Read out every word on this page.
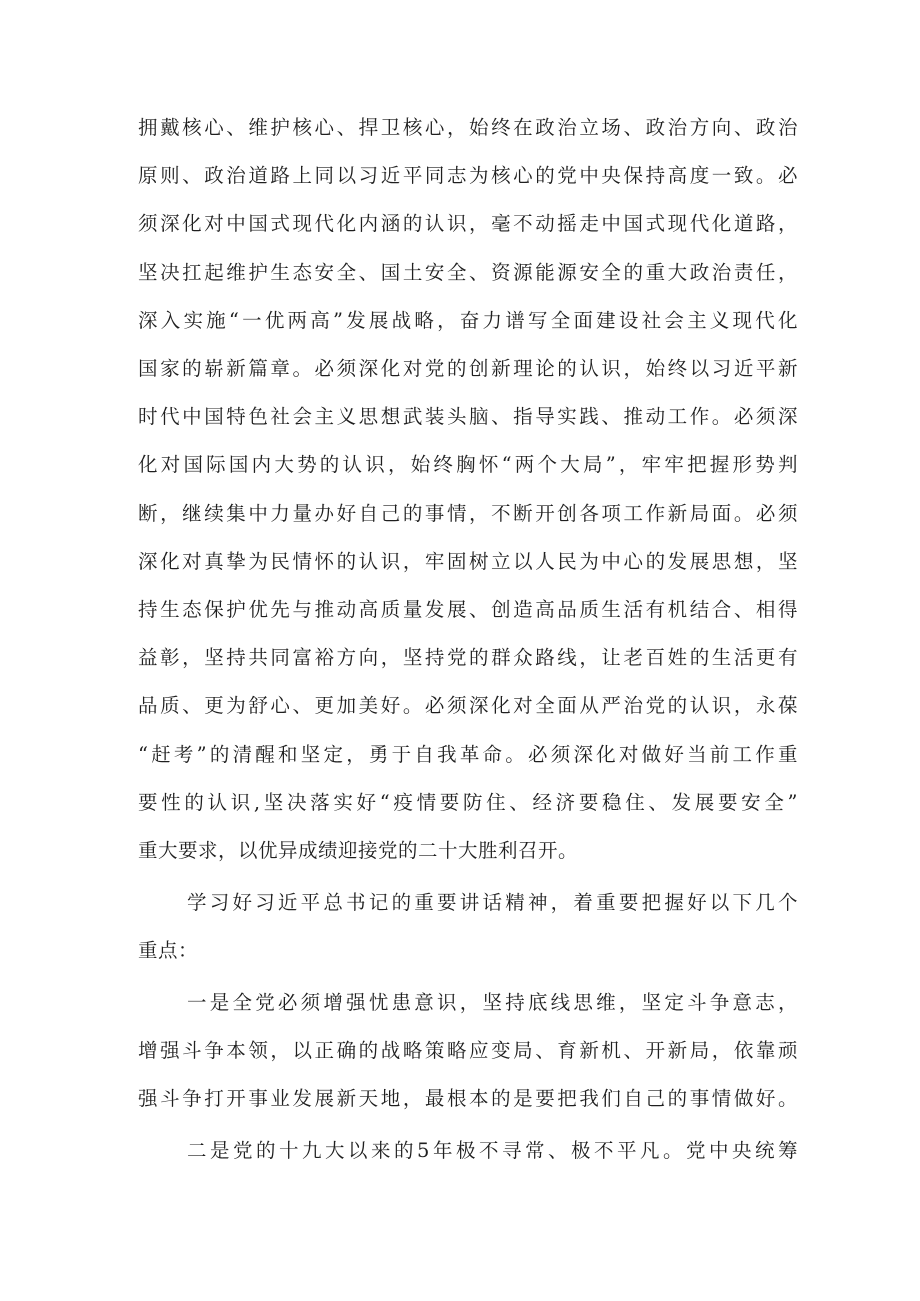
拥戴核心、维护核心、捍卫核心，始终在政治立场、政治方向、政治
原则、政治道路上同以习近平同志为核心的党中央保持高度一致。必
须深化对中国式现代化内涵的认识，毫不动摇走中国式现代化道路，
坚决扛起维护生态安全、国土安全、资源能源安全的重大政治责任，
深入实施“一优两高”发展战略，奋力谱写全面建设社会主义现代化
国家的崭新篇章。必须深化对党的创新理论的认识，始终以习近平新
时代中国特色社会主义思想武装头脑、指导实践、推动工作。必须深
化对国际国内大势的认识，始终胸怀“两个大局”，牢牢把握形势判
断，继续集中力量办好自己的事情，不断开创各项工作新局面。必须
深化对真挚为民情怀的认识，牢固树立以人民为中心的发展思想，坚
持生态保护优先与推动高质量发展、创造高品质生活有机结合、相得
益彰，坚持共同富裕方向，坚持党的群众路线，让老百姓的生活更有
品质、更为舒心、更加美好。必须深化对全面从严治党的认识，永葆
“赶考”的清醒和坚定，勇于自我革命。必须深化对做好当前工作重
要性的认识,坚决落实好“疫情要防住、经济要稳住、发展要安全”
重大要求，以优异成绩迎接党的二十大胜利召开。
学习好习近平总书记的重要讲话精神，着重要把握好以下几个
重点：
一是全党必须增强忧患意识，坚持底线思维，坚定斗争意志，
增强斗争本领，以正确的战略策略应变局、育新机、开新局，依靠顽
强斗争打开事业发展新天地，最根本的是要把我们自己的事情做好。
二是党的十九大以来的5年极不寻常、极不平凡。党中央统筹
